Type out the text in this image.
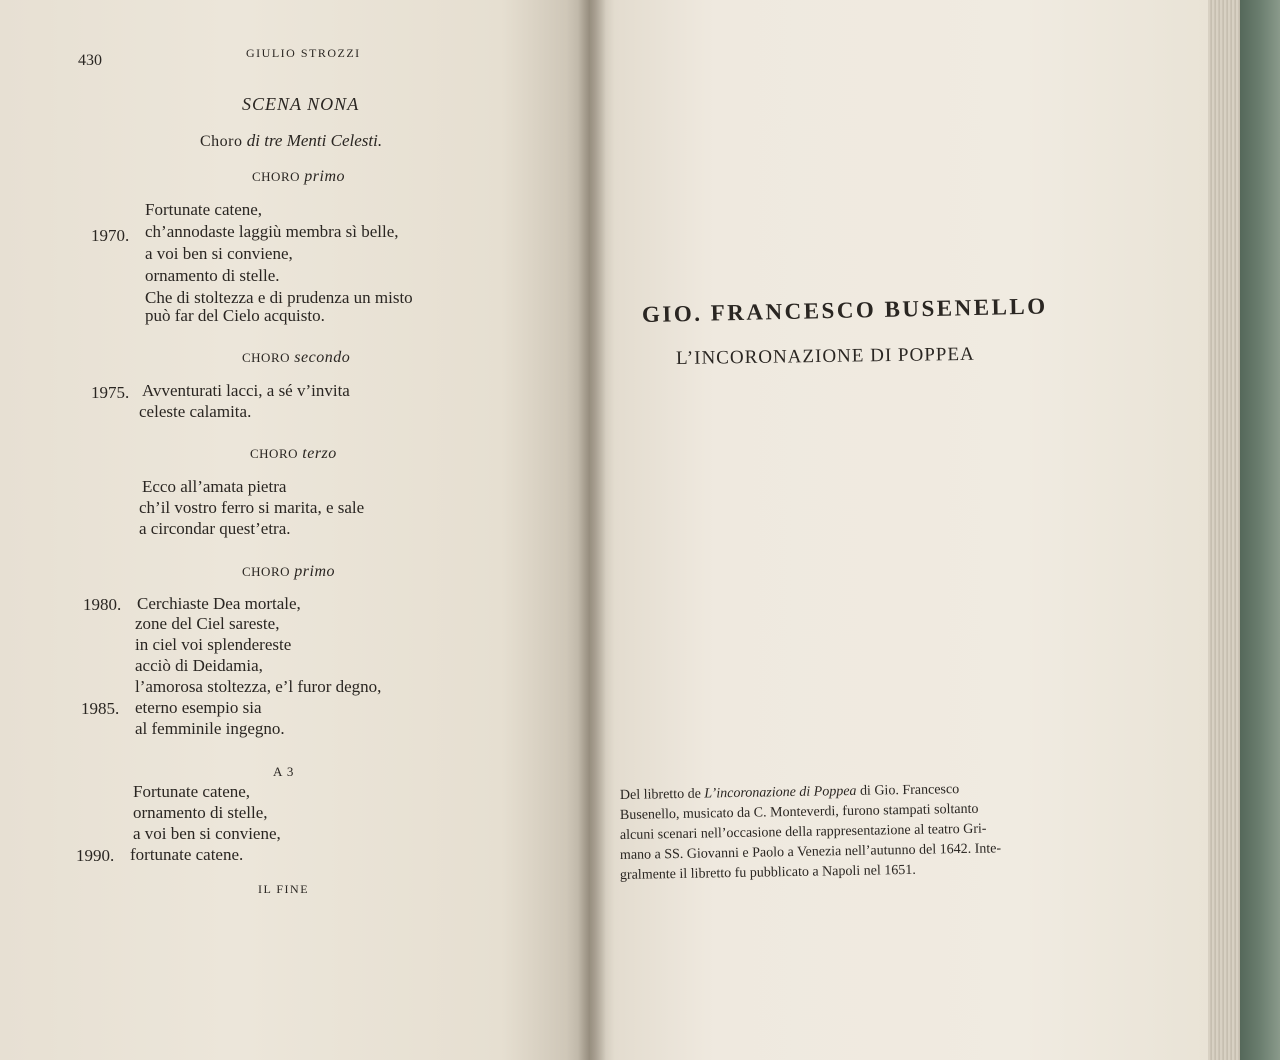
430	GIULIO STROZZI
SCENA NONA
Choro di tre Menti Celesti.
CHORO primo
Fortunate catene,
1970. ch’annodaste laggiù membra sì belle,
a voi ben si conviene,
ornamento di stelle.
Che di stoltezza e di prudenza un misto
può far del Cielo acquisto.
CHORO secondo
1975. Avventurati lacci, a sé v’invita
celeste calamita.
CHORO terzo
Ecco all’amata pietra
ch’il vostro ferro si marita, e sale
a circondar quest’etra.
CHORO primo
1980. Cerchiaste Dea mortale,
zone del Ciel sareste,
in ciel voi splendereste
acciò di Deidamia,
l’amorosa stoltezza, e’l furor degno,
1985. eterno esempio sia
al femminile ingegno.
A 3
Fortunate catene,
ornamento di stelle,
a voi ben si conviene,
1990. fortunate catene.
IL FINE
GIO. FRANCESCO BUSENELLO
L’INCORONAZIONE DI POPPEA
Del libretto de L’incoronazione di Poppea di Gio. Francesco
Busenello, musicato da C. Monteverdi, furono stampati soltanto
alcuni scenari nell’occasione della rappresentazione al teatro Gri-
mano a SS. Giovanni e Paolo a Venezia nell’autunno del 1642. Inte-
gralmente il libretto fu pubblicato a Napoli nel 1651.
